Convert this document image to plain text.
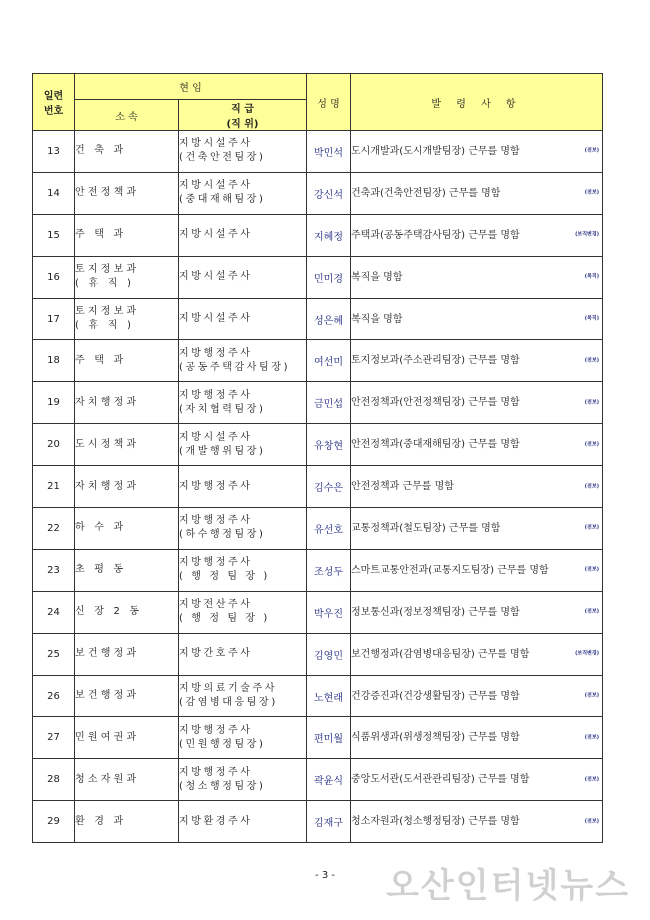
일련
번호	현 임		성 명	발 령 사 항
	소 속	직 급
(직 위)		

13	건 축 과	지방시설주사
(건축안전팀장)	박민석	도시개발과(도시개발팀장) 근무를 명함 (전보)

14	안전정책과	지방시설주사
(중대재해팀장)	강신석	건축과(건축안전팀장) 근무를 명함 (전보)

15	주 택 과	지방시설주사	지혜정	주택과(공동주택감사팀장) 근무를 명함 (보직변경)

16	토지정보과
( 휴 직 )	지방시설주사	민미경	복직을 명함 (복직)

17	토지정보과
( 휴 직 )	지방시설주사	성은혜	복직을 명함 (복직)

18	주 택 과	지방행정주사
(공동주택감사팀장)	여선미	토지정보과(주소관리팀장) 근무를 명함 (전보)

19	자치행정과	지방행정주사
(자치협력팀장)	금민섭	안전정책과(안전정책팀장) 근무를 명함 (전보)

20	도시정책과	지방시설주사
(개발행위팀장)	유창현	안전정책과(중대재해팀장) 근무를 명함 (전보)

21	자치행정과	지방행정주사	김수은	안전정책과 근무를 명함 (전보)

22	하 수 과	지방행정주사
(하수행정팀장)	유선호	교통정책과(철도팀장) 근무를 명함 (전보)

23	초 평 동	지방행정주사
( 행 정 팀 장 )	조성두	스마트교통안전과(교통지도팀장) 근무를 명함 (전보)

24	신 장 2 동	지방전산주사
( 행 정 팀 장 )	박우진	정보통신과(정보정책팀장) 근무를 명함 (전보)

25	보건행정과	지방간호주사	김영민	보건행정과(감염병대응팀장) 근무를 명함 (보직변경)

26	보건행정과	지방의료기술주사
(감염병대응팀장)	노현래	건강증진과(건강생활팀장) 근무를 명함 (전보)

27	민원여권과	지방행정주사
(민원행정팀장)	편미월	식품위생과(위생정책팀장) 근무를 명함 (전보)

28	청소자원과	지방행정주사
(청소행정팀장)	곽윤식	중앙도서관(도서관관리팀장) 근무를 명함 (전보)

29	환 경 과	지방환경주사	김재구	청소자원과(청소행정팀장) 근무를 명함 (전보)
- 3 -	오산인터넷뉴스
